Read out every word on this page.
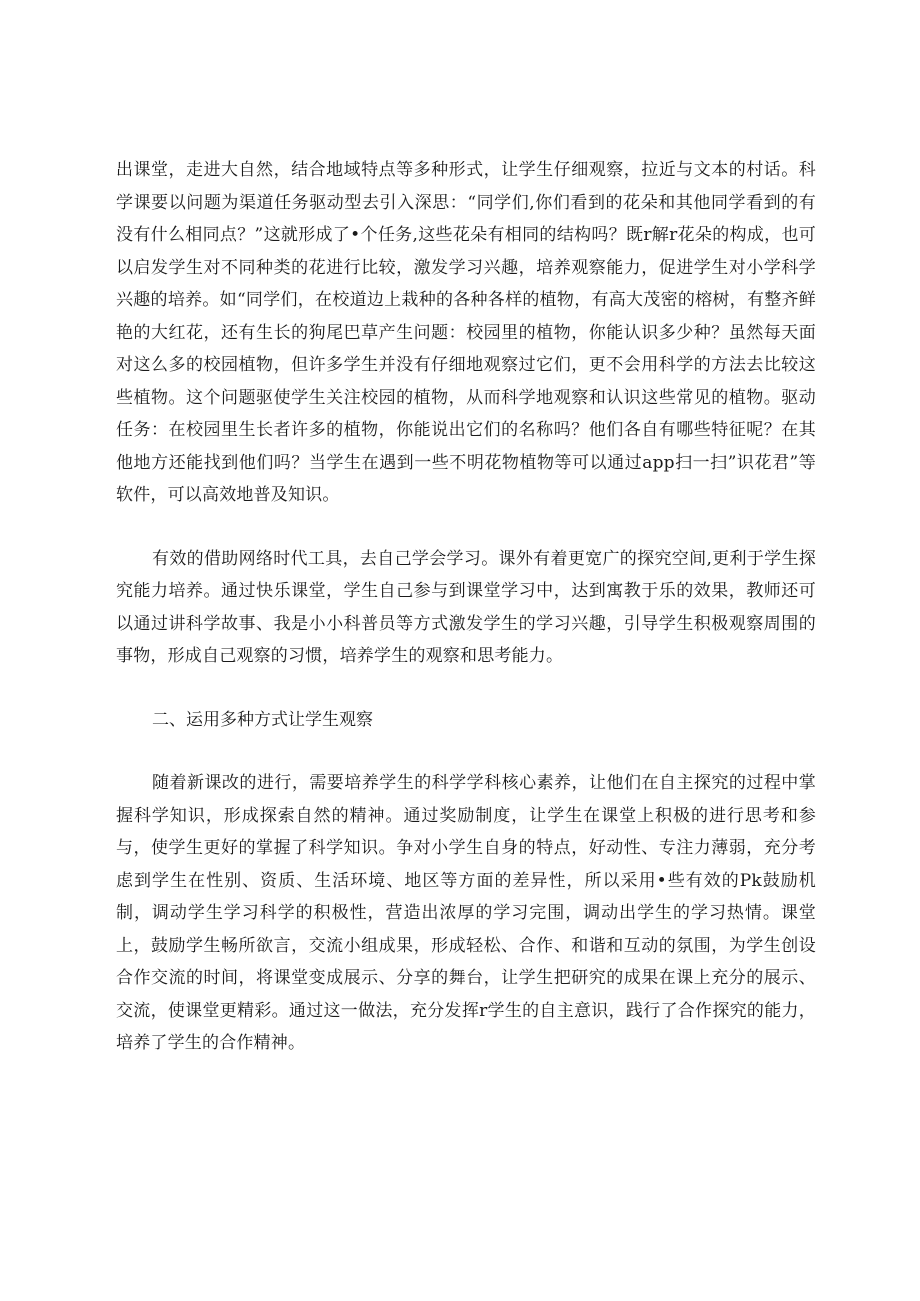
出课堂，走进大自然，结合地域特点等多种形式，让学生仔细观察，拉近与文本的村话。科学课要以问题为渠道任务驱动型去引入深思：“同学们,你们看到的花朵和其他同学看到的有没有什么相同点？”这就形成了•个任务,这些花朵有相同的结构吗？既r解r花朵的构成，也可以启发学生对不同种类的花进行比较，激发学习兴趣，培养观察能力，促进学生对小学科学兴趣的培养。如“同学们，在校道边上栽种的各种各样的植物，有高大茂密的榕树，有整齐鲜艳的大红花，还有生长的狗尾巴草产生问题：校园里的植物，你能认识多少种？虽然每天面对这么多的校园植物，但许多学生并没有仔细地观察过它们，更不会用科学的方法去比较这些植物。这个问题驱使学生关注校园的植物，从而科学地观察和认识这些常见的植物。驱动任务：在校园里生长者许多的植物，你能说出它们的名称吗？他们各自有哪些特征呢？在其他地方还能找到他们吗？当学生在遇到一些不明花物植物等可以通过app扫一扫”识花君”等软件，可以高效地普及知识。

有效的借助网络时代工具，去自己学会学习。课外有着更宽广的探究空间,更利于学生探究能力培养。通过快乐课堂，学生自己参与到课堂学习中，达到寓教于乐的效果，教师还可以通过讲科学故事、我是小小科普员等方式激发学生的学习兴趣，引导学生积极观察周围的事物，形成自己观察的习惯，培养学生的观察和思考能力。

二、运用多种方式让学生观察

随着新课改的进行，需要培养学生的科学学科核心素养，让他们在自主探究的过程中掌握科学知识，形成探索自然的精神。通过奖励制度，让学生在课堂上积极的进行思考和参与，使学生更好的掌握了科学知识。争对小学生自身的特点，好动性、专注力薄弱，充分考虑到学生在性别、资质、生活环境、地区等方面的差异性，所以采用•些有效的Pk鼓励机制，调动学生学习科学的积极性，营造出浓厚的学习完围，调动出学生的学习热情。课堂上，鼓励学生畅所欲言，交流小组成果，形成轻松、合作、和谐和互动的氛围，为学生创设合作交流的时间，将课堂变成展示、分享的舞台，让学生把研究的成果在课上充分的展示、交流，使课堂更精彩。通过这一做法，充分发挥r学生的自主意识，践行了合作探究的能力，培养了学生的合作精神。
